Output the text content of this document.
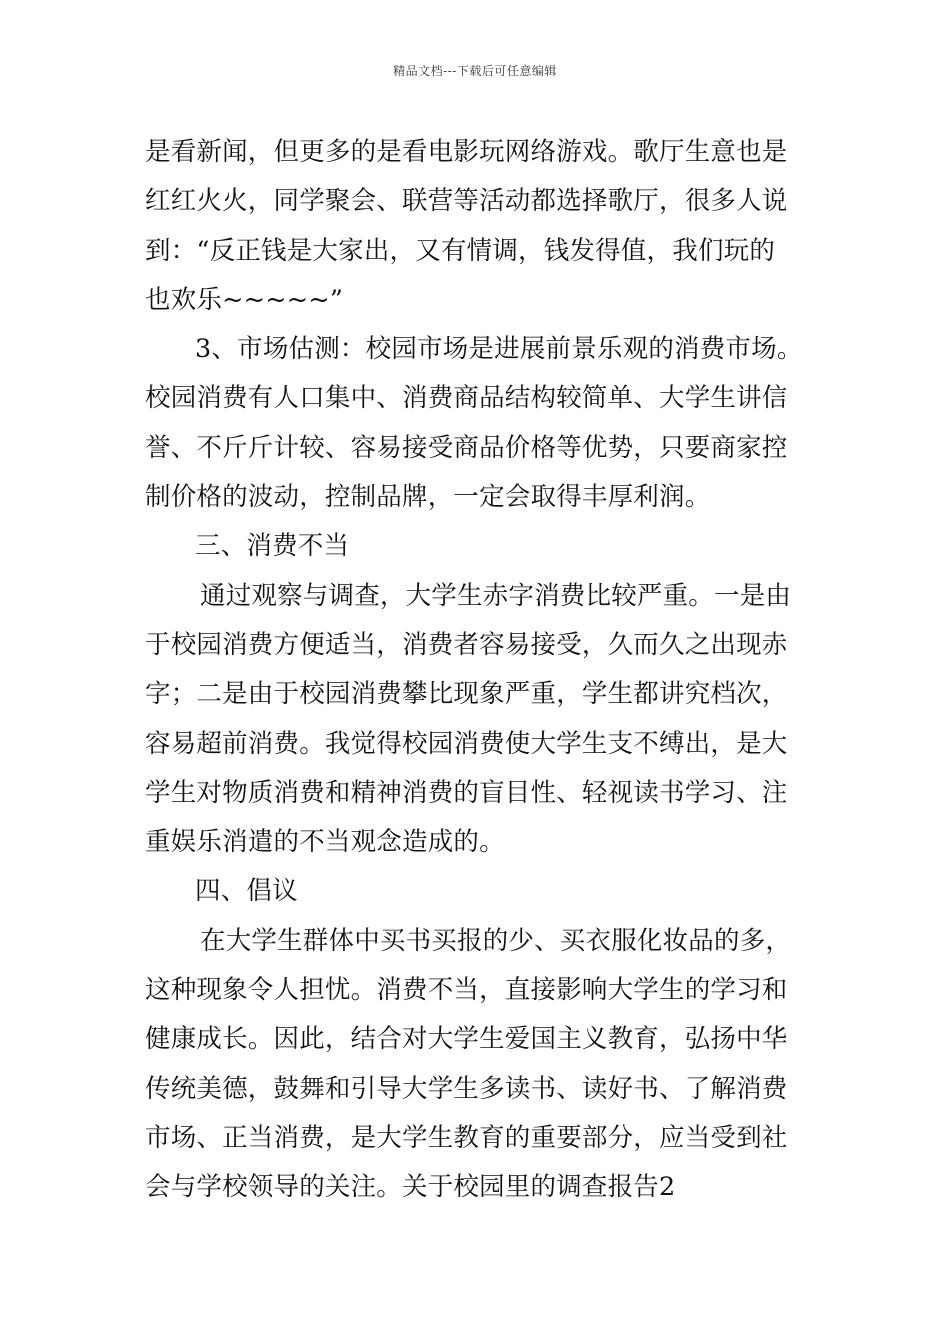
精品文档---下载后可任意编辑
是看新闻，但更多的是看电影玩网络游戏。歌厅生意也是
红红火火，同学聚会、联营等活动都选择歌厅，很多人说
到：“反正钱是大家出，又有情调，钱发得值，我们玩的
也欢乐~~~~~”
3、市场估测：校园市场是进展前景乐观的消费市场。
校园消费有人口集中、消费商品结构较简单、大学生讲信
誉、不斤斤计较、容易接受商品价格等优势，只要商家控
制价格的波动，控制品牌，一定会取得丰厚利润。
三、消费不当
通过观察与调查，大学生赤字消费比较严重。一是由
于校园消费方便适当，消费者容易接受，久而久之出现赤
字；二是由于校园消费攀比现象严重，学生都讲究档次，
容易超前消费。我觉得校园消费使大学生支不缚出，是大
学生对物质消费和精神消费的盲目性、轻视读书学习、注
重娱乐消遣的不当观念造成的。
四、倡议
在大学生群体中买书买报的少、买衣服化妆品的多，
这种现象令人担忧。消费不当，直接影响大学生的学习和
健康成长。因此，结合对大学生爱国主义教育，弘扬中华
传统美德，鼓舞和引导大学生多读书、读好书、了解消费
市场、正当消费，是大学生教育的重要部分，应当受到社
会与学校领导的关注。关于校园里的调查报告2
